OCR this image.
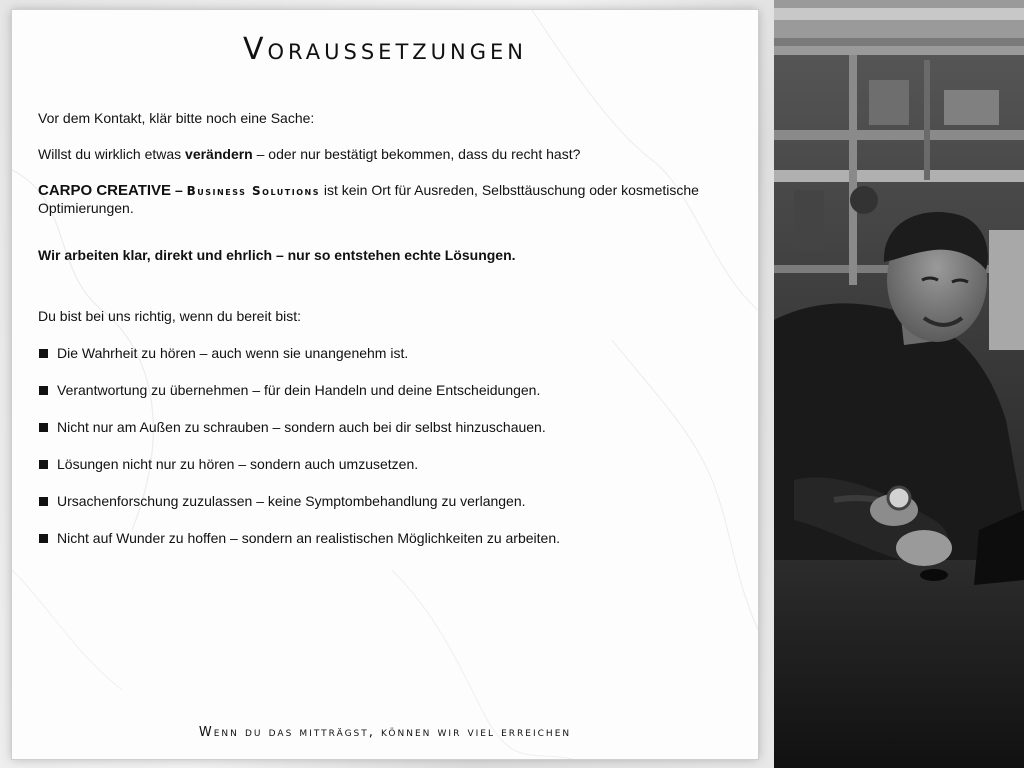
Voraussetzungen

Vor dem Kontakt, klär bitte noch eine Sache:

Willst du wirklich etwas verändern – oder nur bestätigt bekommen, dass du recht hast?

CARPO CREATIVE – Business Solutions ist kein Ort für Ausreden, Selbsttäuschung oder kosmetische Optimierungen.

Wir arbeiten klar, direkt und ehrlich – nur so entstehen echte Lösungen.

Du bist bei uns richtig, wenn du bereit bist:

Die Wahrheit zu hören – auch wenn sie unangenehm ist.
Verantwortung zu übernehmen – für dein Handeln und deine Entscheidungen.
Nicht nur am Außen zu schrauben – sondern auch bei dir selbst hinzuschauen.
Lösungen nicht nur zu hören – sondern auch umzusetzen.
Ursachenforschung zuzulassen – keine Symptombehandlung zu verlangen.
Nicht auf Wunder zu hoffen – sondern an realistischen Möglichkeiten zu arbeiten.

Wenn du das mitträgst, können wir viel erreichen
